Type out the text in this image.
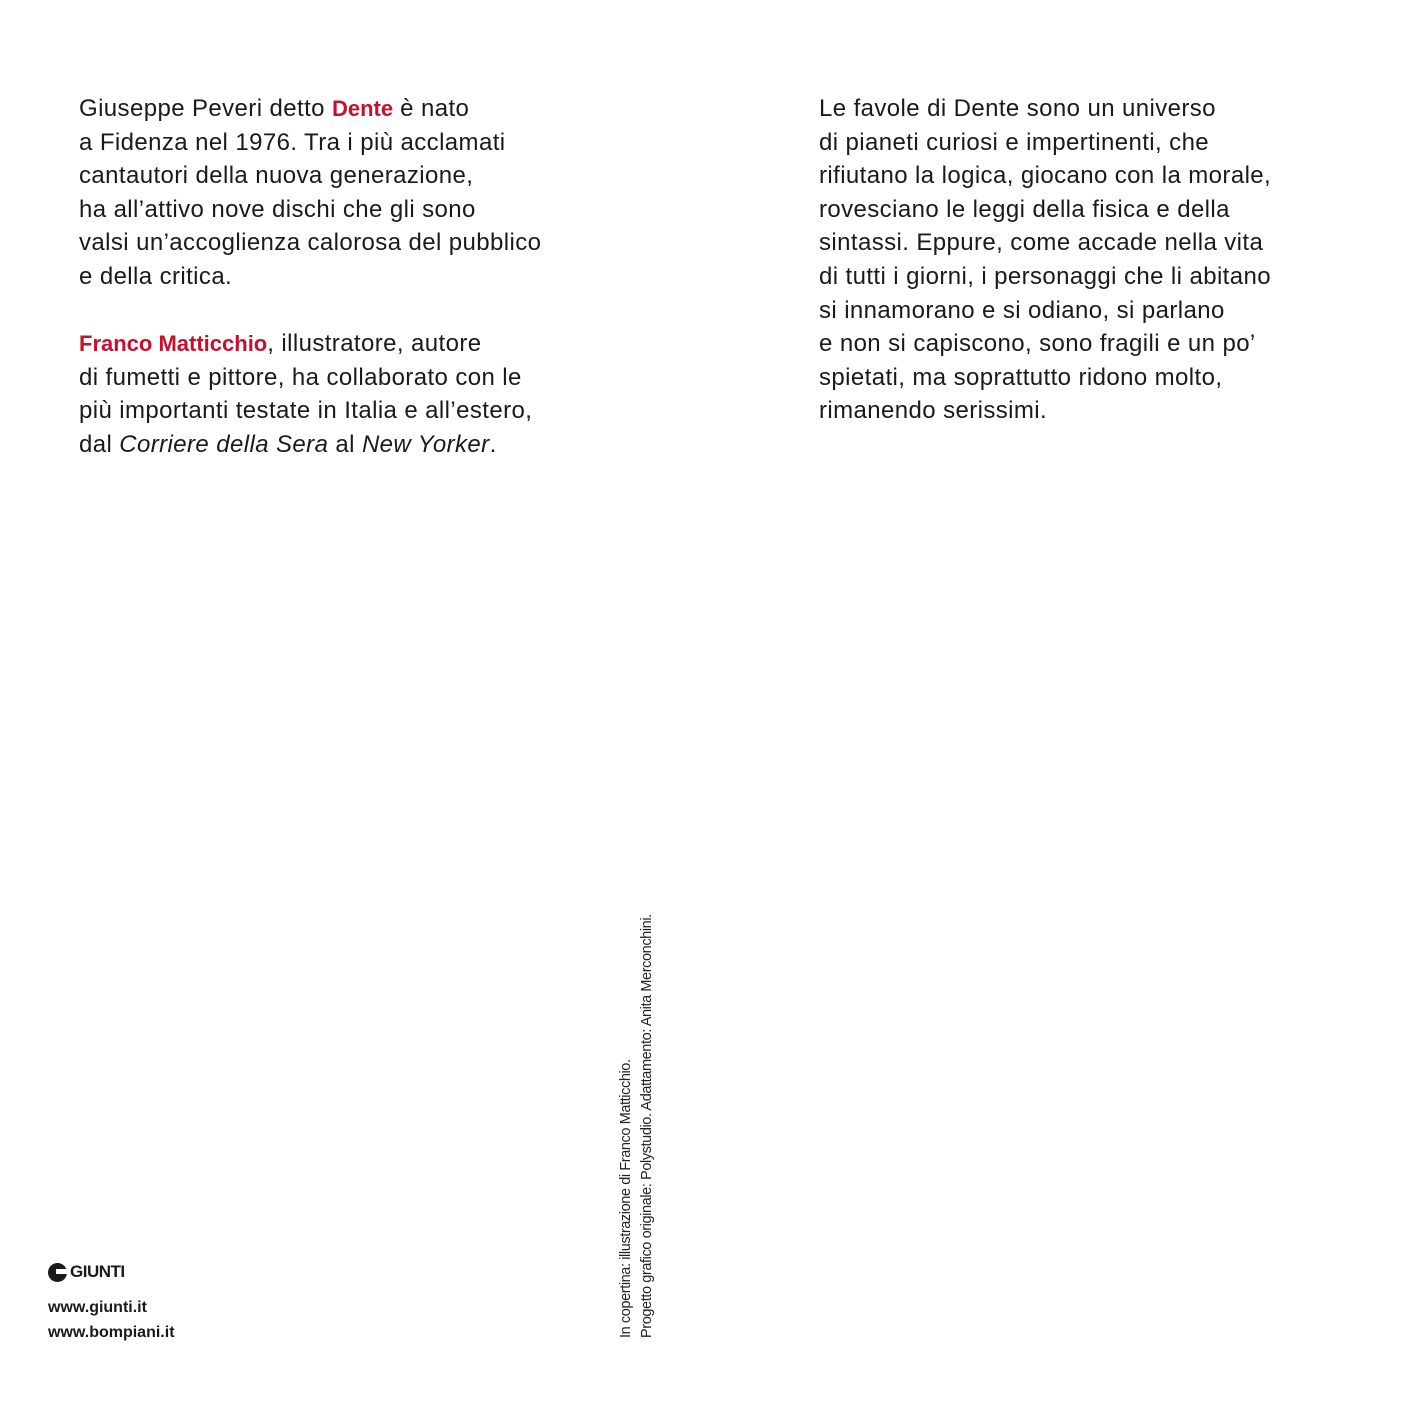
Giuseppe Peveri detto Dente è nato
a Fidenza nel 1976. Tra i più acclamati
cantautori della nuova generazione,
ha all’attivo nove dischi che gli sono
valsi un’accoglienza calorosa del pubblico
e della critica.
Franco Matticchio, illustratore, autore
di fumetti e pittore, ha collaborato con le
più importanti testate in Italia e all’estero,
dal Corriere della Sera al New Yorker.
Le favole di Dente sono un universo
di pianeti curiosi e impertinenti, che
rifiutano la logica, giocano con la morale,
rovesciano le leggi della fisica e della
sintassi. Eppure, come accade nella vita
di tutti i giorni, i personaggi che li abitano
si innamorano e si odiano, si parlano
e non si capiscono, sono fragili e un po’
spietati, ma soprattutto ridono molto,
rimanendo serissimi.
In copertina: illustrazione di Franco Matticchio. Progetto grafico originale: Polystudio. Adattamento: Anita Merconchini.
GIUNTI
www.giunti.it
www.bompiani.it
